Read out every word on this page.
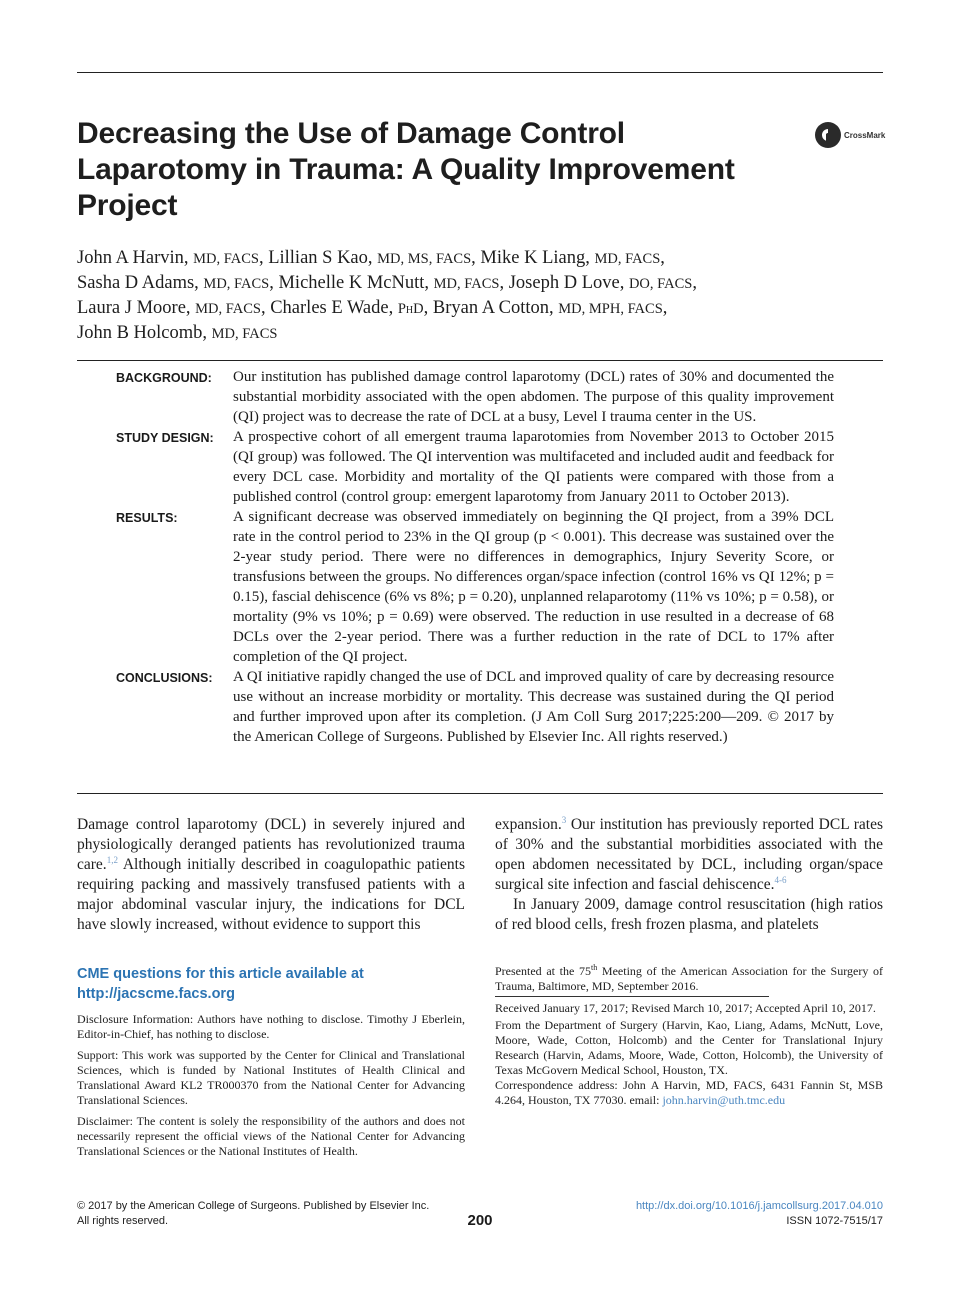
Decreasing the Use of Damage Control Laparotomy in Trauma: A Quality Improvement Project
CrossMark
John A Harvin, MD, FACS, Lillian S Kao, MD, MS, FACS, Mike K Liang, MD, FACS,
Sasha D Adams, MD, FACS, Michelle K McNutt, MD, FACS, Joseph D Love, DO, FACS,
Laura J Moore, MD, FACS, Charles E Wade, PhD, Bryan A Cotton, MD, MPH, FACS,
John B Holcomb, MD, FACS
BACKGROUND:	Our institution has published damage control laparotomy (DCL) rates of 30% and documented the substantial morbidity associated with the open abdomen. The purpose of this quality improvement (QI) project was to decrease the rate of DCL at a busy, Level I trauma center in the US.
STUDY DESIGN:	A prospective cohort of all emergent trauma laparotomies from November 2013 to October 2015 (QI group) was followed. The QI intervention was multifaceted and included audit and feedback for every DCL case. Morbidity and mortality of the QI patients were compared with those from a published control (control group: emergent laparotomy from January 2011 to October 2013).
RESULTS:	A significant decrease was observed immediately on beginning the QI project, from a 39% DCL rate in the control period to 23% in the QI group (p < 0.001). This decrease was sustained over the 2-year study period. There were no differences in demographics, Injury Severity Score, or transfusions between the groups. No differences organ/space infection (control 16% vs QI 12%; p = 0.15), fascial dehiscence (6% vs 8%; p = 0.20), unplanned relaparotomy (11% vs 10%; p = 0.58), or mortality (9% vs 10%; p = 0.69) were observed. The reduction in use resulted in a decrease of 68 DCLs over the 2-year period. There was a further reduction in the rate of DCL to 17% after completion of the QI project.
CONCLUSIONS:	A QI initiative rapidly changed the use of DCL and improved quality of care by decreasing resource use without an increase morbidity or mortality. This decrease was sustained during the QI period and further improved upon after its completion. (J Am Coll Surg 2017;225:200—209. © 2017 by the American College of Surgeons. Published by Elsevier Inc. All rights reserved.)

Damage control laparotomy (DCL) in severely injured and physiologically deranged patients has revolutionized trauma care.$^{1,2}$ Although initially described in coagulopathic patients requiring packing and massively transfused patients with a major abdominal vascular injury, the indications for DCL have slowly increased, without evidence to support this

expansion.$^3$ Our institution has previously reported DCL rates of 30% and the substantial morbidities associated with the open abdomen necessitated by DCL, including organ/space surgical site infection and fascial dehiscence.$^{4-6}$

In January 2009, damage control resuscitation (high ratios of red blood cells, fresh frozen plasma, and platelets

CME questions for this article available at
http://jacscme.facs.org

Disclosure Information: Authors have nothing to disclose. Timothy J Eberlein, Editor-in-Chief, has nothing to disclose.

Support: This work was supported by the Center for Clinical and Translational Sciences, which is funded by National Institutes of Health Clinical and Translational Award KL2 TR000370 from the National Center for Advancing Translational Sciences.

Disclaimer: The content is solely the responsibility of the authors and does not necessarily represent the official views of the National Center for Advancing Translational Sciences or the National Institutes of Health.

Presented at the 75th Meeting of the American Association for the Surgery of Trauma, Baltimore, MD, September 2016.

Received January 17, 2017; Revised March 10, 2017; Accepted April 10, 2017.

From the Department of Surgery (Harvin, Kao, Liang, Adams, McNutt, Love, Moore, Wade, Cotton, Holcomb) and the Center for Translational Injury Research (Harvin, Adams, Moore, Wade, Cotton, Holcomb), the University of Texas McGovern Medical School, Houston, TX.

Correspondence address: John A Harvin, MD, FACS, 6431 Fannin St, MSB 4.264, Houston, TX 77030. email: john.harvin@uth.tmc.edu

© 2017 by the American College of Surgeons. Published by Elsevier Inc.
All rights reserved.	200
http://dx.doi.org/10.1016/j.jamcollsurg.2017.04.010
ISSN 1072-7515/17
